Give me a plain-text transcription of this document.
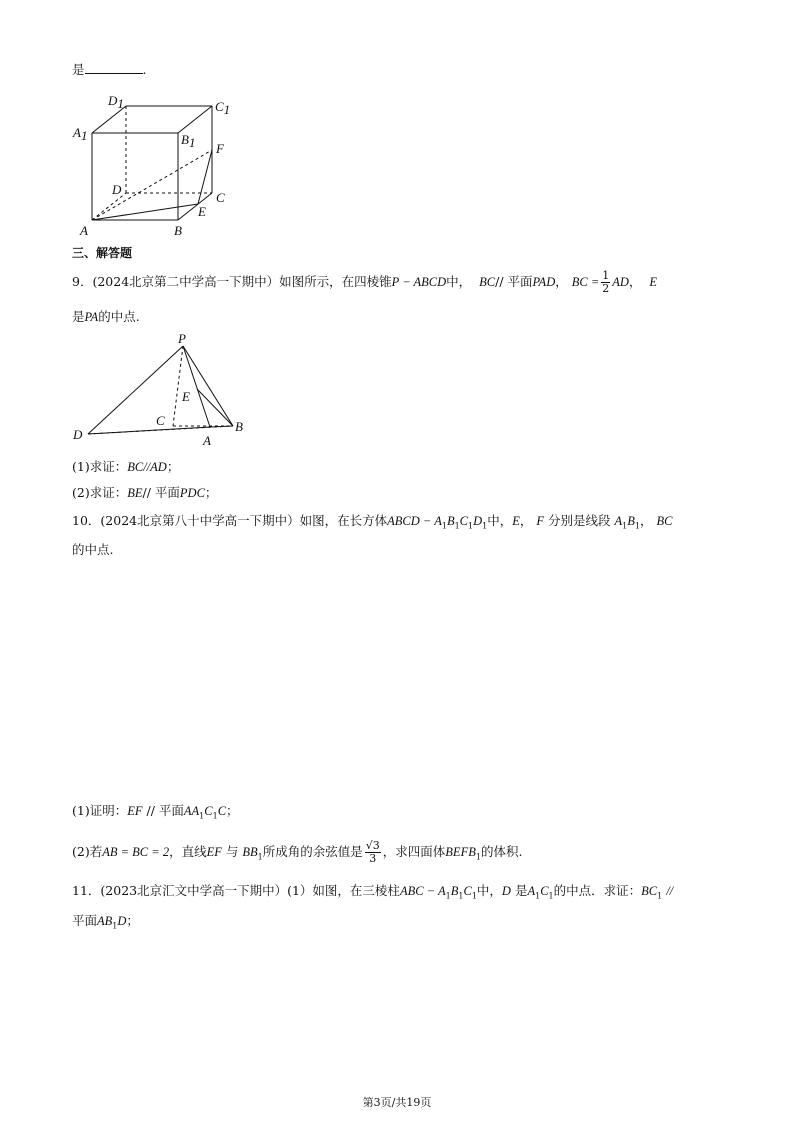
是	.
D1	C1
A1	B1 F
D
C
E
A	B
三、解答题
9．(2024北京第二中学高一下期中）如图所示，在四棱锥P − ABCD中， BC// 平面PAD， BC = $\frac{1}{2}$ AD， E
是PA的中点.
P
E
C
D	A
B
(1)求证：BC//AD；
(2)求证：BE// 平面PDC；
10．(2024北京第八十中学高一下期中）如图，在长方体ABCD − $A_1B_1C_1D_1$中，E， F 分别是线段 $A_1B_1$， BC
的中点.
(1)证明：EF // 平面$AA_1C_1C$；
(2)若AB = BC = 2，直线EF 与 $BB_1$所成角的余弦值是 $\frac{√3}{3}$ ，求四面体$BEFB_1$的体积.
11．(2023北京汇文中学高一下期中）(1）如图，在三棱柱ABC − $A_1B_1C_1$中，D 是$A_1C_1$的中点．求证：$BC_1$ //
平面$AB_1D$；
第3页/共19页
